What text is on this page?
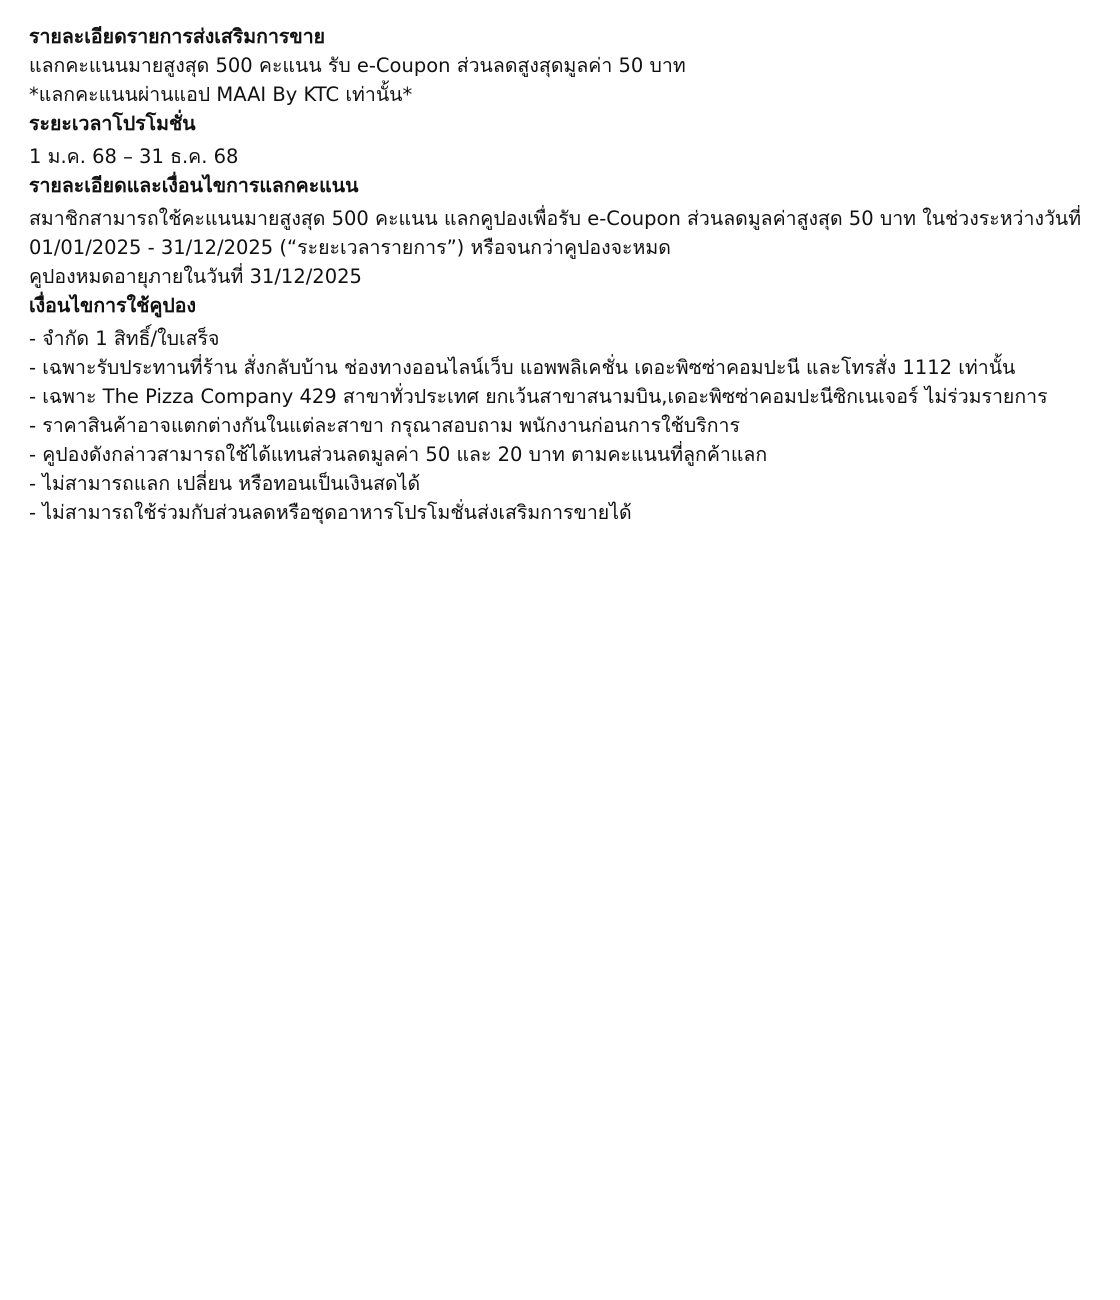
รายละเอียดรายการส่งเสริมการขาย

แลกคะแนนมายสูงสุด 500 คะแนน รับ e-Coupon ส่วนลดสูงสุดมูลค่า 50 บาท

*แลกคะแนนผ่านแอป MAAI By KTC เท่านั้น*

ระยะเวลาโปรโมชั่น

1 ม.ค. 68 – 31 ธ.ค. 68

รายละเอียดและเงื่อนไขการแลกคะแนน

สมาชิกสามารถใช้คะแนนมายสูงสุด 500 คะแนน แลกคูปองเพื่อรับ e-Coupon ส่วนลดมูลค่าสูงสุด 50 บาท ในช่วงระหว่างวันที่

01/01/2025 - 31/12/2025 (“ระยะเวลารายการ”) หรือจนกว่าคูปองจะหมด

คูปองหมดอายุภายในวันที่ 31/12/2025

เงื่อนไขการใช้คูปอง

- จำกัด 1 สิทธิ์/ใบเสร็จ
- เฉพาะรับประทานที่ร้าน สั่งกลับบ้าน ช่องทางออนไลน์เว็บ แอพพลิเคชั่น เดอะพิซซ่าคอมปะนี และโทรสั่ง 1112 เท่านั้น
- เฉพาะ The Pizza Company 429 สาขาทั่วประเทศ ยกเว้นสาขาสนามบิน,เดอะพิซซ่าคอมปะนีซิกเนเจอร์ ไม่ร่วมรายการ
- ราคาสินค้าอาจแตกต่างกันในแต่ละสาขา กรุณาสอบถาม พนักงานก่อนการใช้บริการ
- คูปองดังกล่าวสามารถใช้ได้แทนส่วนลดมูลค่า 50 และ 20 บาท ตามคะแนนที่ลูกค้าแลก
- ไม่สามารถแลก เปลี่ยน หรือทอนเป็นเงินสดได้
- ไม่สามารถใช้ร่วมกับส่วนลดหรือชุดอาหารโปรโมชั่นส่งเสริมการขายได้
